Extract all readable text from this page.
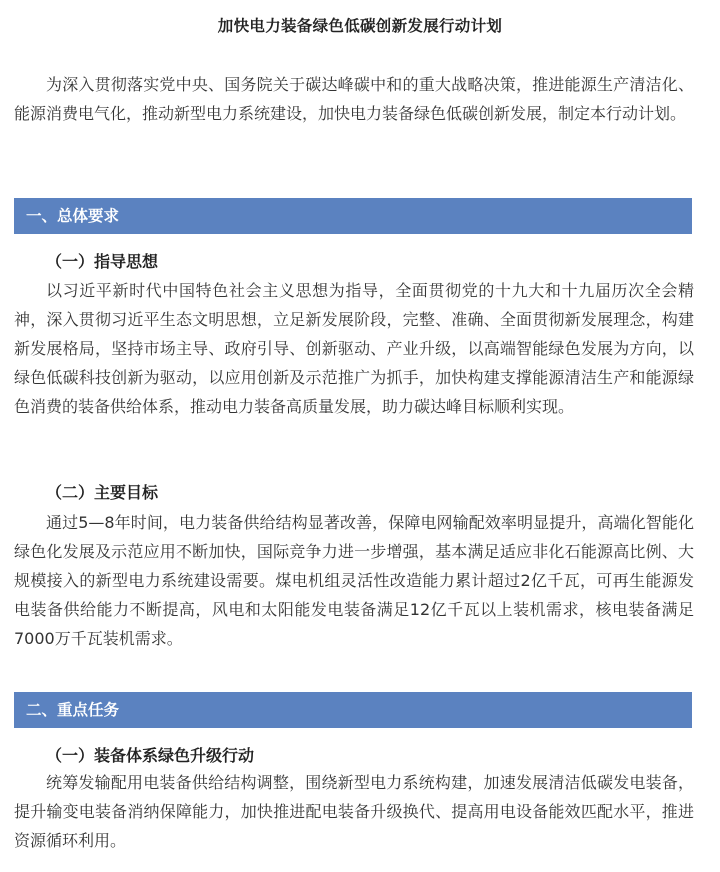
加快电力装备绿色低碳创新发展行动计划

为深入贯彻落实党中央、国务院关于碳达峰碳中和的重大战略决策，推进能源生产清洁化、能源消费电气化，推动新型电力系统建设，加快电力装备绿色低碳创新发展，制定本行动计划。

一、总体要求
（一）指导思想

以习近平新时代中国特色社会主义思想为指导，全面贯彻党的十九大和十九届历次全会精神，深入贯彻习近平生态文明思想，立足新发展阶段，完整、准确、全面贯彻新发展理念，构建新发展格局，坚持市场主导、政府引导、创新驱动、产业升级，以高端智能绿色发展为方向，以绿色低碳科技创新为驱动，以应用创新及示范推广为抓手，加快构建支撑能源清洁生产和能源绿色消费的装备供给体系，推动电力装备高质量发展，助力碳达峰目标顺利实现。

（二）主要目标

通过5—8年时间，电力装备供给结构显著改善，保障电网输配效率明显提升，高端化智能化绿色化发展及示范应用不断加快，国际竞争力进一步增强，基本满足适应非化石能源高比例、大规模接入的新型电力系统建设需要。煤电机组灵活性改造能力累计超过2亿千瓦，可再生能源发电装备供给能力不断提高，风电和太阳能发电装备满足12亿千瓦以上装机需求，核电装备满足7000万千瓦装机需求。

二、重点任务
（一）装备体系绿色升级行动

统筹发输配用电装备供给结构调整，围绕新型电力系统构建，加速发展清洁低碳发电装备，提升输变电装备消纳保障能力，加快推进配电装备升级换代、提高用电设备能效匹配水平，推进资源循环利用。
